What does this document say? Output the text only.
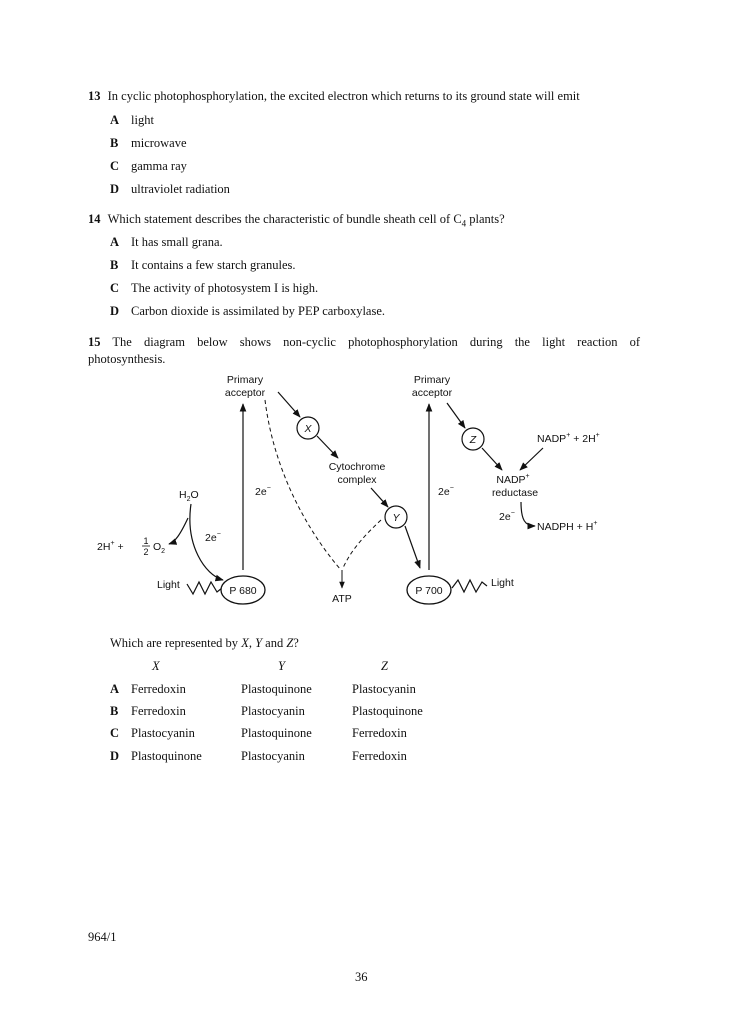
13 In cyclic photophosphorylation, the excited electron which returns to its ground state will emit
A light
B microwave
C gamma ray
D ultraviolet radiation
14 Which statement describes the characteristic of bundle sheath cell of $C_4$ plants?
A It has small grana.
B It contains a few starch granules.
C The activity of photosystem I is high.
D Carbon dioxide is assimilated by PEP carboxylase.
15 The diagram below shows non-cyclic photophosphorylation during the light reaction of
photosynthesis.
Primary
acceptor
Primary
acceptor
2e−	2e−
X
Cytochrome
complex
Y
ATP
$H_2O$
2e−
2H+ + 1
2 $O_2$
Light	P 680	P 700
Light
Z	NADP+ + 2H+
NADP+
reductase
2e−
NADPH + H+
Which are represented by X, Y and Z?
X	Y	Z
A Ferredoxin	Plastoquinone	Plastocyanin
B Ferredoxin	Plastocyanin	Plastoquinone
C Plastocyanin	Plastoquinone	Ferredoxin
D Plastoquinone	Plastocyanin	Ferredoxin
964/1
36
